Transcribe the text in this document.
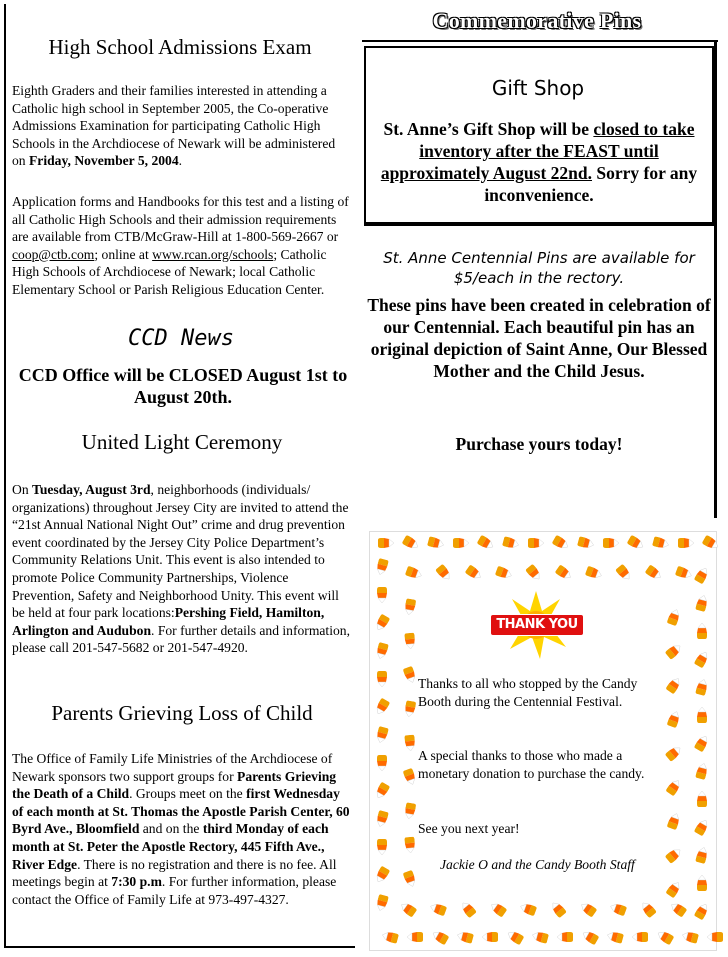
High School Admissions Exam
Eighth Graders and their families interested in attending a Catholic high school in September 2005, the Co-operative Admissions Examination for participating Catholic High Schools in the Archdiocese of Newark will be administered on Friday, November 5, 2004.
Application forms and Handbooks for this test and a listing of all Catholic High Schools and their admission requirements are available from CTB/McGraw-Hill at 1-800-569-2667 or coop@ctb.com; online at www.rcan.org/schools; Catholic High Schools of Archdiocese of Newark; local Catholic Elementary School or Parish Religious Education Center.
CCD News
CCD Office will be CLOSED August 1st to August 20th.
United Light Ceremony
On Tuesday, August 3rd, neighborhoods (individuals/ organizations) throughout Jersey City are invited to attend the “21st Annual National Night Out” crime and drug prevention event coordinated by the Jersey City Police Department’s Community Relations Unit. This event is also intended to promote Police Community Partnerships, Violence Prevention, Safety and Neighborhood Unity. This event will be held at four park locations:Pershing Field, Hamilton, Arlington and Audubon. For further details and information, please call 201-547-5682 or 201-547-4920.
Parents Grieving Loss of Child
The Office of Family Life Ministries of the Archdiocese of Newark sponsors two support groups for Parents Grieving the Death of a Child. Groups meet on the first Wednesday of each month at St. Thomas the Apostle Parish Center, 60 Byrd Ave., Bloomfield and on the third Monday of each month at St. Peter the Apostle Rectory, 445 Fifth Ave., River Edge. There is no registration and there is no fee. All meetings begin at 7:30 p.m. For further information, please contact the Office of Family Life at 973-497-4327.
Commemorative Pins
Gift Shop
St. Anne’s Gift Shop will be closed to take inventory after the FEAST until approximately August 22nd. Sorry for any inconvenience.
St. Anne Centennial Pins are available for $5/each in the rectory.
These pins have been created in celebration of our Centennial. Each beautiful pin has an original depiction of Saint Anne, Our Blessed Mother and the Child Jesus.
Purchase yours today!
THANK YOU
Thanks to all who stopped by the Candy Booth during the Centennial Festival.
A special thanks to those who made a monetary donation to purchase the candy.
See you next year!
Jackie O and the Candy Booth Staff
